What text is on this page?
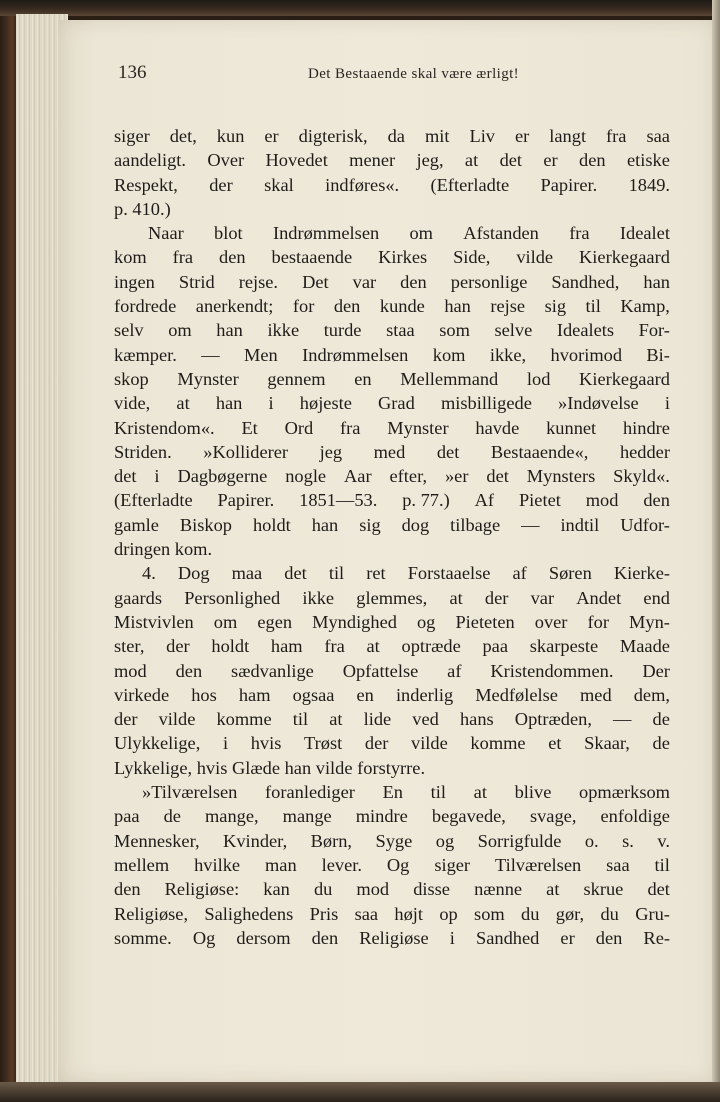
136	Det Bestaaende skal være ærligt!
siger det, kun er digterisk, da mit Liv er langt fra saa
aandeligt. Over Hovedet mener jeg, at det er den etiske
Respekt, der skal indføres«. (Efterladte Papirer. 1849.
p. 410.)
Naar blot Indrømmelsen om Afstanden fra Idealet
kom fra den bestaaende Kirkes Side, vilde Kierkegaard
ingen Strid rejse. Det var den personlige Sandhed, han
fordrede anerkendt; for den kunde han rejse sig til Kamp,
selv om han ikke turde staa som selve Idealets For-
kæmper. — Men Indrømmelsen kom ikke, hvorimod Bi-
skop Mynster gennem en Mellemmand lod Kierkegaard
vide, at han i højeste Grad misbilligede »Indøvelse i
Kristendom«. Et Ord fra Mynster havde kunnet hindre
Striden. »Kolliderer jeg med det Bestaaende«, hedder
det i Dagbøgerne nogle Aar efter, »er det Mynsters Skyld«.
(Efterladte Papirer. 1851—53. p. 77.) Af Pietet mod den
gamle Biskop holdt han sig dog tilbage — indtil Udfor-
dringen kom.
4. Dog maa det til ret Forstaaelse af Søren Kierke-
gaards Personlighed ikke glemmes, at der var Andet end
Mistvivlen om egen Myndighed og Pieteten over for Myn-
ster, der holdt ham fra at optræde paa skarpeste Maade
mod den sædvanlige Opfattelse af Kristendommen. Der
virkede hos ham ogsaa en inderlig Medfølelse med dem,
der vilde komme til at lide ved hans Optræden, — de
Ulykkelige, i hvis Trøst der vilde komme et Skaar, de
Lykkelige, hvis Glæde han vilde forstyrre.
»Tilværelsen foranlediger En til at blive opmærksom
paa de mange, mange mindre begavede, svage, enfoldige
Mennesker, Kvinder, Børn, Syge og Sorrigfulde o. s. v.
mellem hvilke man lever. Og siger Tilværelsen saa til
den Religiøse: kan du mod disse nænne at skrue det
Religiøse, Salighedens Pris saa højt op som du gør, du Gru-
somme. Og dersom den Religiøse i Sandhed er den Re-
